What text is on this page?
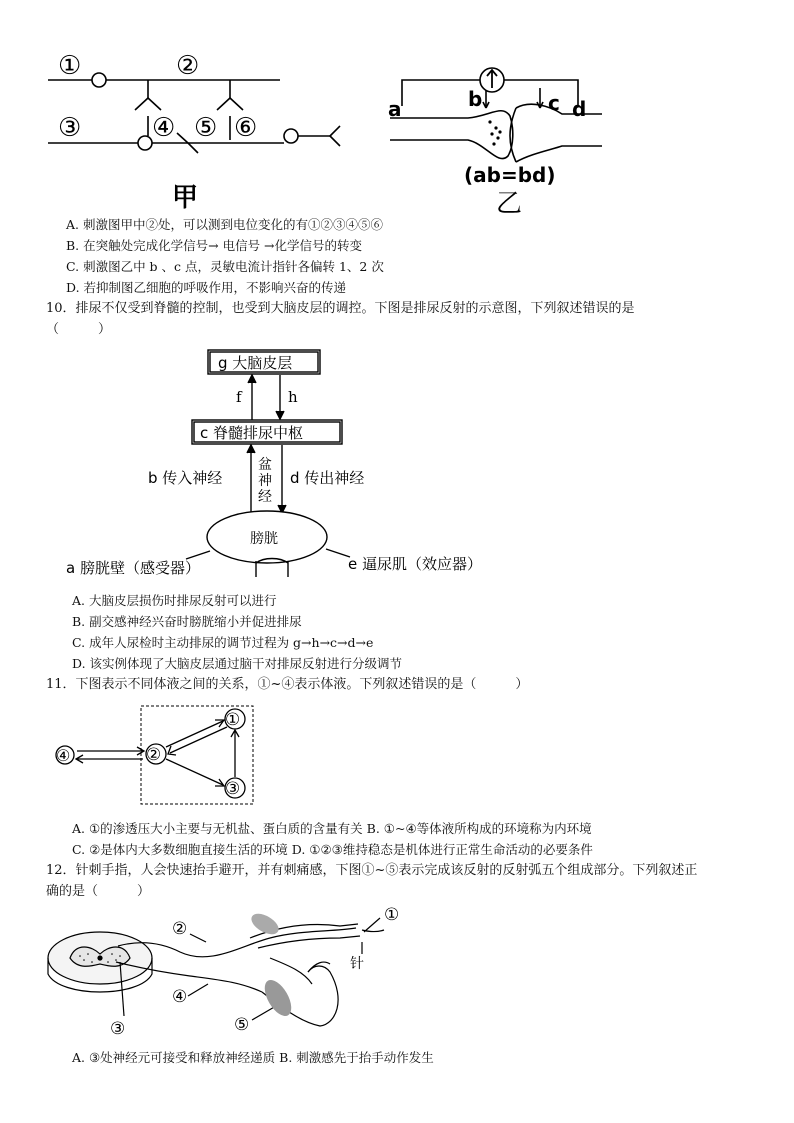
①	②
③	④ ⑤ ⑥
甲
a	b	c d
(ab=bd)
乙
A. 刺激图甲中②处，可以测到电位变化的有①②③④⑤⑥
B. 在突触处完成化学信号→ 电信号 →化学信号的转变
C. 刺激图乙中 b 、c 点，灵敏电流计指针各偏转 1、2 次
D. 若抑制图乙细胞的呼吸作用，不影响兴奋的传递
10．排尿不仅受到脊髓的控制，也受到大脑皮层的调控。下图是排尿反射的示意图，下列叙述错误的是
（　　　）
g 大脑皮层
f	h
c 脊髓排尿中枢
b 传入神经
盆
神
经
d 传出神经
膀胱
a 膀胱壁（感受器）	e 逼尿肌（效应器）
A. 大脑皮层损伤时排尿反射可以进行
B. 副交感神经兴奋时膀胱缩小并促进排尿
C. 成年人尿检时主动排尿的调节过程为 g→h→c→d→e
D. 该实例体现了大脑皮层通过脑干对排尿反射进行分级调节
11．下图表示不同体液之间的关系，①~④表示体液。下列叙述错误的是（　　　）
④	②
①
③
A. ①的渗透压大小主要与无机盐、蛋白质的含量有关 B. ①~④等体液所构成的环境称为内环境
C. ②是体内大多数细胞直接生活的环境 D. ①②③维持稳态是机体进行正常生命活动的必要条件
12．针刺手指，人会快速抬手避开，并有刺痛感，下图①~⑤表示完成该反射的反射弧五个组成部分。下列叙述正
确的是（　　　）
①
②
③
④
⑤
针
A. ③处神经元可接受和释放神经递质 B. 刺激感先于抬手动作发生
